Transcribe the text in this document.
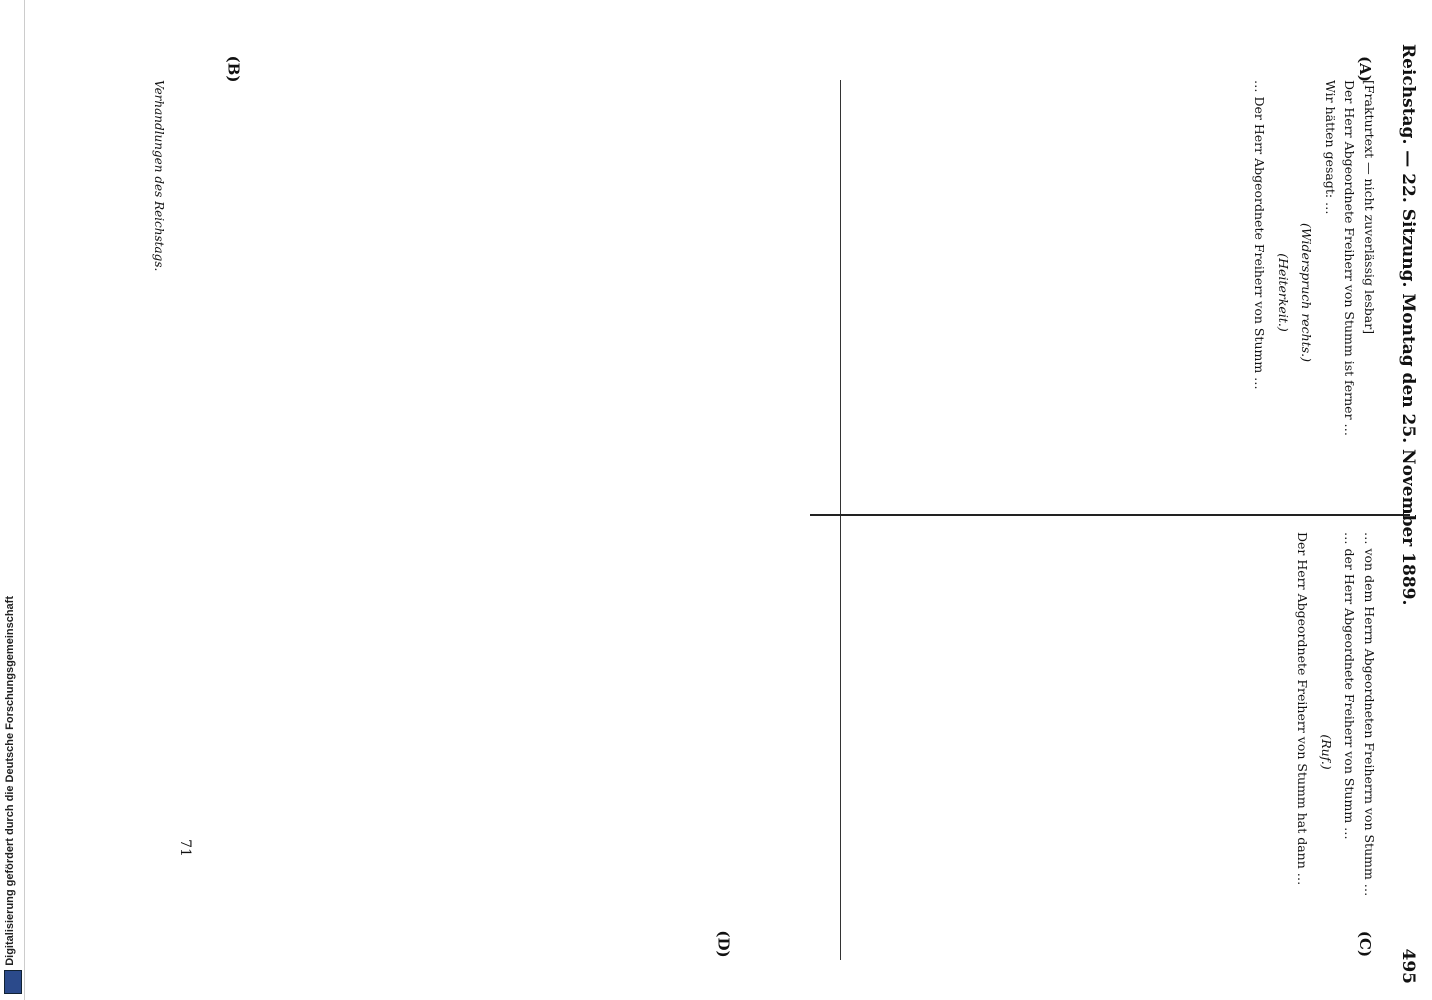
Digitalisierung gefördert durch die Deutsche Forschungsgemeinschaft
Reichstag. — 22. Sitzung. Montag den 25. November 1889.
495
(A)
(B)
(C)
(D)

[Frakturtext — nicht zuverlässig lesbar]

Der Herr Abgeordnete Freiherr von Stumm ist ferner …

Wir hätten gesagt: …

(Widerspruch rechts.)

(Heiterkeit.)

… Der Herr Abgeordnete Freiherr von Stumm …

… von dem Herrn Abgeordneten Freiherrn von Stumm …

… der Herr Abgeordnete Freiherr von Stumm …

(Ruf.)

Der Herr Abgeordnete Freiherr von Stumm hat dann …

Verhandlungen des Reichstags.
71
